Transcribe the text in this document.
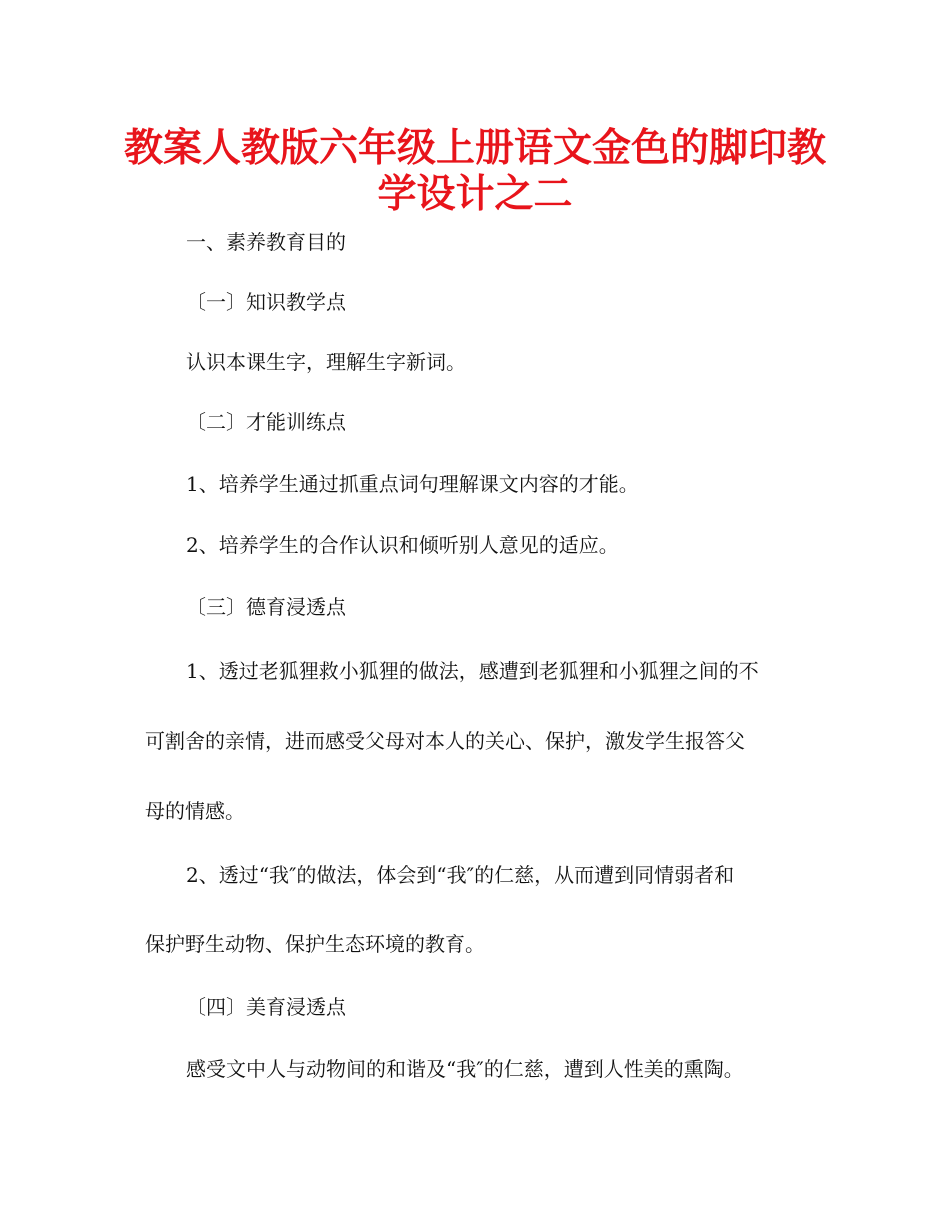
教案人教版六年级上册语文金色的脚印教
学设计之二

一、素养教育目的

〔一〕知识教学点

认识本课生字，理解生字新词。

〔二〕才能训练点

1、培养学生通过抓重点词句理解课文内容的才能。

2、培养学生的合作认识和倾听别人意见的适应。

〔三〕德育浸透点

1、透过老狐狸救小狐狸的做法，感遭到老狐狸和小狐狸之间的不

可割舍的亲情，进而感受父母对本人的关心、保护，激发学生报答父

母的情感。

2、透过“我″的做法，体会到“我″的仁慈，从而遭到同情弱者和

保护野生动物、保护生态环境的教育。

〔四〕美育浸透点

感受文中人与动物间的和谐及“我″的仁慈，遭到人性美的熏陶。
